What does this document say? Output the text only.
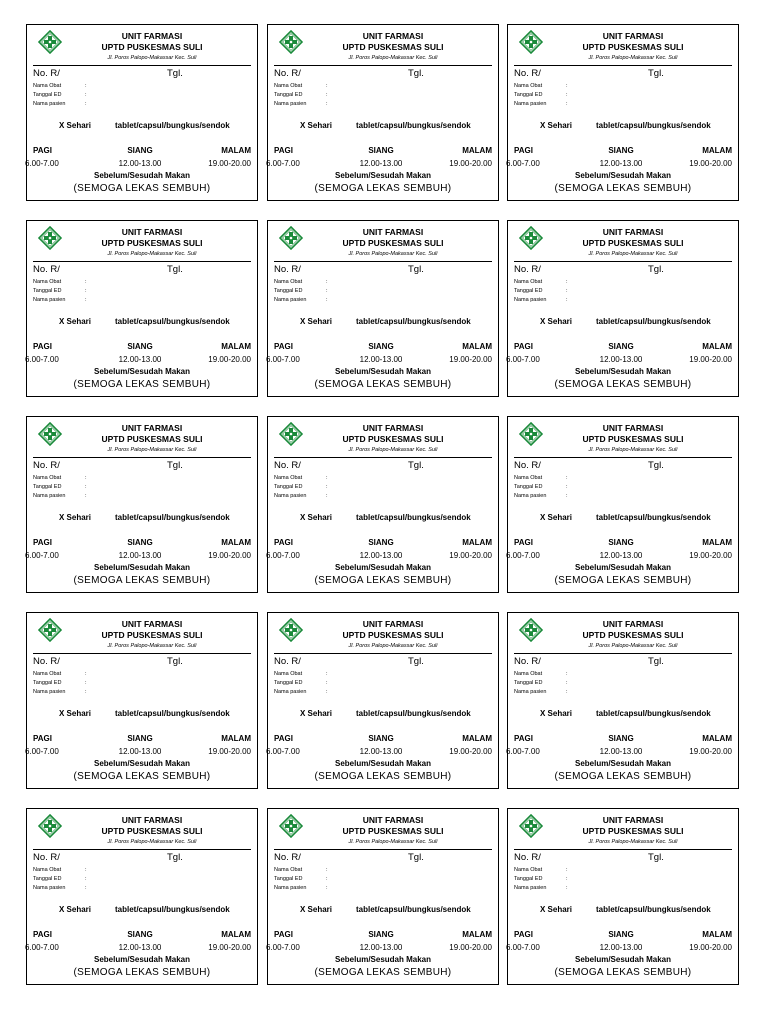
UNIT FARMASI
UPTD PUSKESMAS SULI
Jl. Poros Palopo-Makassar Kec. Suli
No. R/	Tgl.
Nama Obat	:
Tanggal ED	:
Nama pasien	:
X Sehari	tablet/capsul/bungkus/sendok
PAGI	SIANG	MALAM
6.00-7.00	12.00-13.00	19.00-20.00
Sebelum/Sesudah Makan
(SEMOGA LEKAS SEMBUH)
UNIT FARMASI
UPTD PUSKESMAS SULI
Jl. Poros Palopo-Makassar Kec. Suli
No. R/	Tgl.
Nama Obat	:
Tanggal ED	:
Nama pasien	:
X Sehari	tablet/capsul/bungkus/sendok
PAGI	SIANG	MALAM
6.00-7.00	12.00-13.00	19.00-20.00
Sebelum/Sesudah Makan
(SEMOGA LEKAS SEMBUH)
UNIT FARMASI
UPTD PUSKESMAS SULI
Jl. Poros Palopo-Makassar Kec. Suli
No. R/	Tgl.
Nama Obat	:
Tanggal ED	:
Nama pasien	:
X Sehari	tablet/capsul/bungkus/sendok
PAGI	SIANG	MALAM
6.00-7.00	12.00-13.00	19.00-20.00
Sebelum/Sesudah Makan
(SEMOGA LEKAS SEMBUH)
UNIT FARMASI
UPTD PUSKESMAS SULI
Jl. Poros Palopo-Makassar Kec. Suli
No. R/	Tgl.
Nama Obat	:
Tanggal ED	:
Nama pasien	:
X Sehari	tablet/capsul/bungkus/sendok
PAGI	SIANG	MALAM
6.00-7.00	12.00-13.00	19.00-20.00
Sebelum/Sesudah Makan
(SEMOGA LEKAS SEMBUH)
UNIT FARMASI
UPTD PUSKESMAS SULI
Jl. Poros Palopo-Makassar Kec. Suli
No. R/	Tgl.
Nama Obat	:
Tanggal ED	:
Nama pasien	:
X Sehari	tablet/capsul/bungkus/sendok
PAGI	SIANG	MALAM
6.00-7.00	12.00-13.00	19.00-20.00
Sebelum/Sesudah Makan
(SEMOGA LEKAS SEMBUH)
UNIT FARMASI
UPTD PUSKESMAS SULI
Jl. Poros Palopo-Makassar Kec. Suli
No. R/	Tgl.
Nama Obat	:
Tanggal ED	:
Nama pasien	:
X Sehari	tablet/capsul/bungkus/sendok
PAGI	SIANG	MALAM
6.00-7.00	12.00-13.00	19.00-20.00
Sebelum/Sesudah Makan
(SEMOGA LEKAS SEMBUH)
UNIT FARMASI
UPTD PUSKESMAS SULI
Jl. Poros Palopo-Makassar Kec. Suli
No. R/	Tgl.
Nama Obat	:
Tanggal ED	:
Nama pasien	:
X Sehari	tablet/capsul/bungkus/sendok
PAGI	SIANG	MALAM
6.00-7.00	12.00-13.00	19.00-20.00
Sebelum/Sesudah Makan
(SEMOGA LEKAS SEMBUH)
UNIT FARMASI
UPTD PUSKESMAS SULI
Jl. Poros Palopo-Makassar Kec. Suli
No. R/	Tgl.
Nama Obat	:
Tanggal ED	:
Nama pasien	:
X Sehari	tablet/capsul/bungkus/sendok
PAGI	SIANG	MALAM
6.00-7.00	12.00-13.00	19.00-20.00
Sebelum/Sesudah Makan
(SEMOGA LEKAS SEMBUH)
UNIT FARMASI
UPTD PUSKESMAS SULI
Jl. Poros Palopo-Makassar Kec. Suli
No. R/	Tgl.
Nama Obat	:
Tanggal ED	:
Nama pasien	:
X Sehari	tablet/capsul/bungkus/sendok
PAGI	SIANG	MALAM
6.00-7.00	12.00-13.00	19.00-20.00
Sebelum/Sesudah Makan
(SEMOGA LEKAS SEMBUH)
UNIT FARMASI
UPTD PUSKESMAS SULI
Jl. Poros Palopo-Makassar Kec. Suli
No. R/	Tgl.
Nama Obat	:
Tanggal ED	:
Nama pasien	:
X Sehari	tablet/capsul/bungkus/sendok
PAGI	SIANG	MALAM
6.00-7.00	12.00-13.00	19.00-20.00
Sebelum/Sesudah Makan
(SEMOGA LEKAS SEMBUH)
UNIT FARMASI
UPTD PUSKESMAS SULI
Jl. Poros Palopo-Makassar Kec. Suli
No. R/	Tgl.
Nama Obat	:
Tanggal ED	:
Nama pasien	:
X Sehari	tablet/capsul/bungkus/sendok
PAGI	SIANG	MALAM
6.00-7.00	12.00-13.00	19.00-20.00
Sebelum/Sesudah Makan
(SEMOGA LEKAS SEMBUH)
UNIT FARMASI
UPTD PUSKESMAS SULI
Jl. Poros Palopo-Makassar Kec. Suli
No. R/	Tgl.
Nama Obat	:
Tanggal ED	:
Nama pasien	:
X Sehari	tablet/capsul/bungkus/sendok
PAGI	SIANG	MALAM
6.00-7.00	12.00-13.00	19.00-20.00
Sebelum/Sesudah Makan
(SEMOGA LEKAS SEMBUH)
UNIT FARMASI
UPTD PUSKESMAS SULI
Jl. Poros Palopo-Makassar Kec. Suli
No. R/	Tgl.
Nama Obat	:
Tanggal ED	:
Nama pasien	:
X Sehari	tablet/capsul/bungkus/sendok
PAGI	SIANG	MALAM
6.00-7.00	12.00-13.00	19.00-20.00
Sebelum/Sesudah Makan
(SEMOGA LEKAS SEMBUH)
UNIT FARMASI
UPTD PUSKESMAS SULI
Jl. Poros Palopo-Makassar Kec. Suli
No. R/	Tgl.
Nama Obat	:
Tanggal ED	:
Nama pasien	:
X Sehari	tablet/capsul/bungkus/sendok
PAGI	SIANG	MALAM
6.00-7.00	12.00-13.00	19.00-20.00
Sebelum/Sesudah Makan
(SEMOGA LEKAS SEMBUH)
UNIT FARMASI
UPTD PUSKESMAS SULI
Jl. Poros Palopo-Makassar Kec. Suli
No. R/	Tgl.
Nama Obat	:
Tanggal ED	:
Nama pasien	:
X Sehari	tablet/capsul/bungkus/sendok
PAGI	SIANG	MALAM
6.00-7.00	12.00-13.00	19.00-20.00
Sebelum/Sesudah Makan
(SEMOGA LEKAS SEMBUH)
